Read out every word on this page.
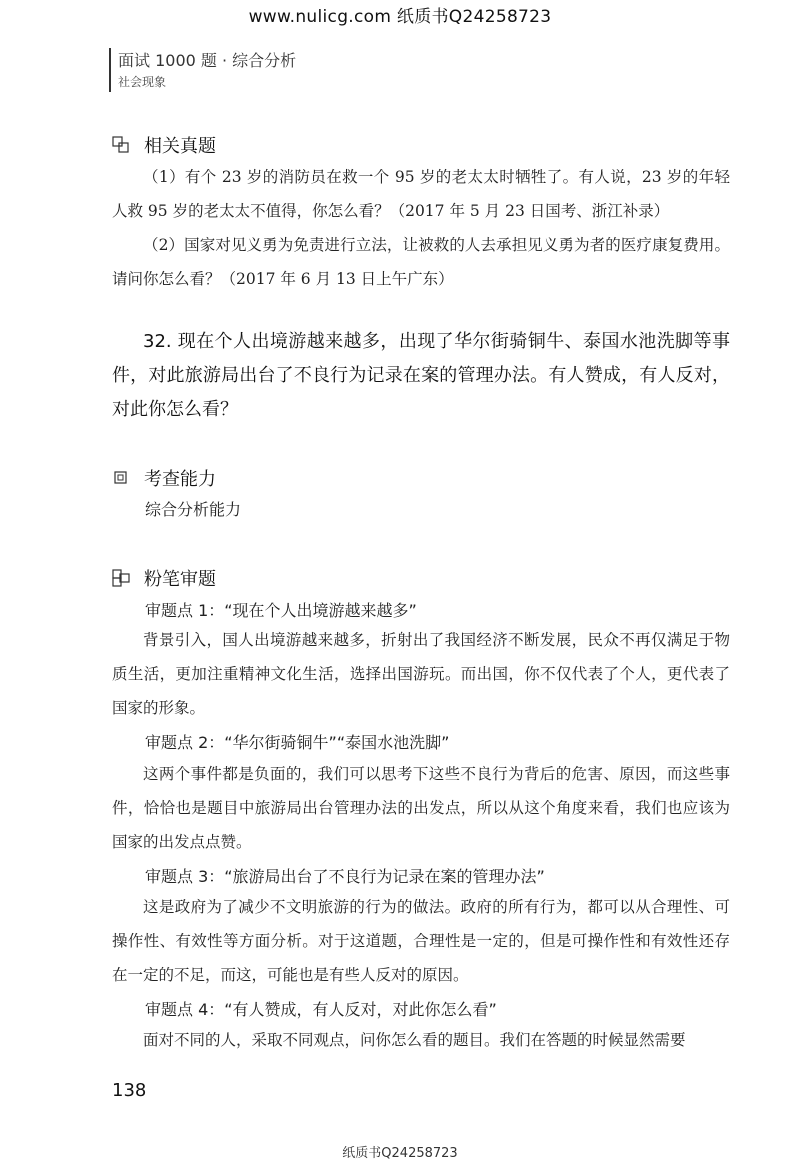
www.nulicg.com 纸质书Q24258723
面试 1000 题 · 综合分析
社会现象
相关真题

（1）有个 23 岁的消防员在救一个 95 岁的老太太时牺牲了。有人说，23 岁的年轻人救 95 岁的老太太不值得，你怎么看？（2017 年 5 月 23 日国考、浙江补录）

（2）国家对见义勇为免责进行立法，让被救的人去承担见义勇为者的医疗康复费用。请问你怎么看？（2017 年 6 月 13 日上午广东）

32. 现在个人出境游越来越多，出现了华尔街骑铜牛、泰国水池洗脚等事件，对此旅游局出台了不良行为记录在案的管理办法。有人赞成，有人反对，对此你怎么看？
考查能力
综合分析能力
粉笔审题
审题点 1：“现在个人出境游越来越多”

背景引入，国人出境游越来越多，折射出了我国经济不断发展，民众不再仅满足于物质生活，更加注重精神文化生活，选择出国游玩。而出国，你不仅代表了个人，更代表了国家的形象。

审题点 2：“华尔街骑铜牛”“泰国水池洗脚”

这两个事件都是负面的，我们可以思考下这些不良行为背后的危害、原因，而这些事件，恰恰也是题目中旅游局出台管理办法的出发点，所以从这个角度来看，我们也应该为国家的出发点点赞。

审题点 3：“旅游局出台了不良行为记录在案的管理办法”

这是政府为了减少不文明旅游的行为的做法。政府的所有行为，都可以从合理性、可操作性、有效性等方面分析。对于这道题，合理性是一定的，但是可操作性和有效性还存在一定的不足，而这，可能也是有些人反对的原因。

审题点 4：“有人赞成，有人反对，对此你怎么看”

面对不同的人，采取不同观点，问你怎么看的题目。我们在答题的时候显然需要

138
纸质书Q24258723
